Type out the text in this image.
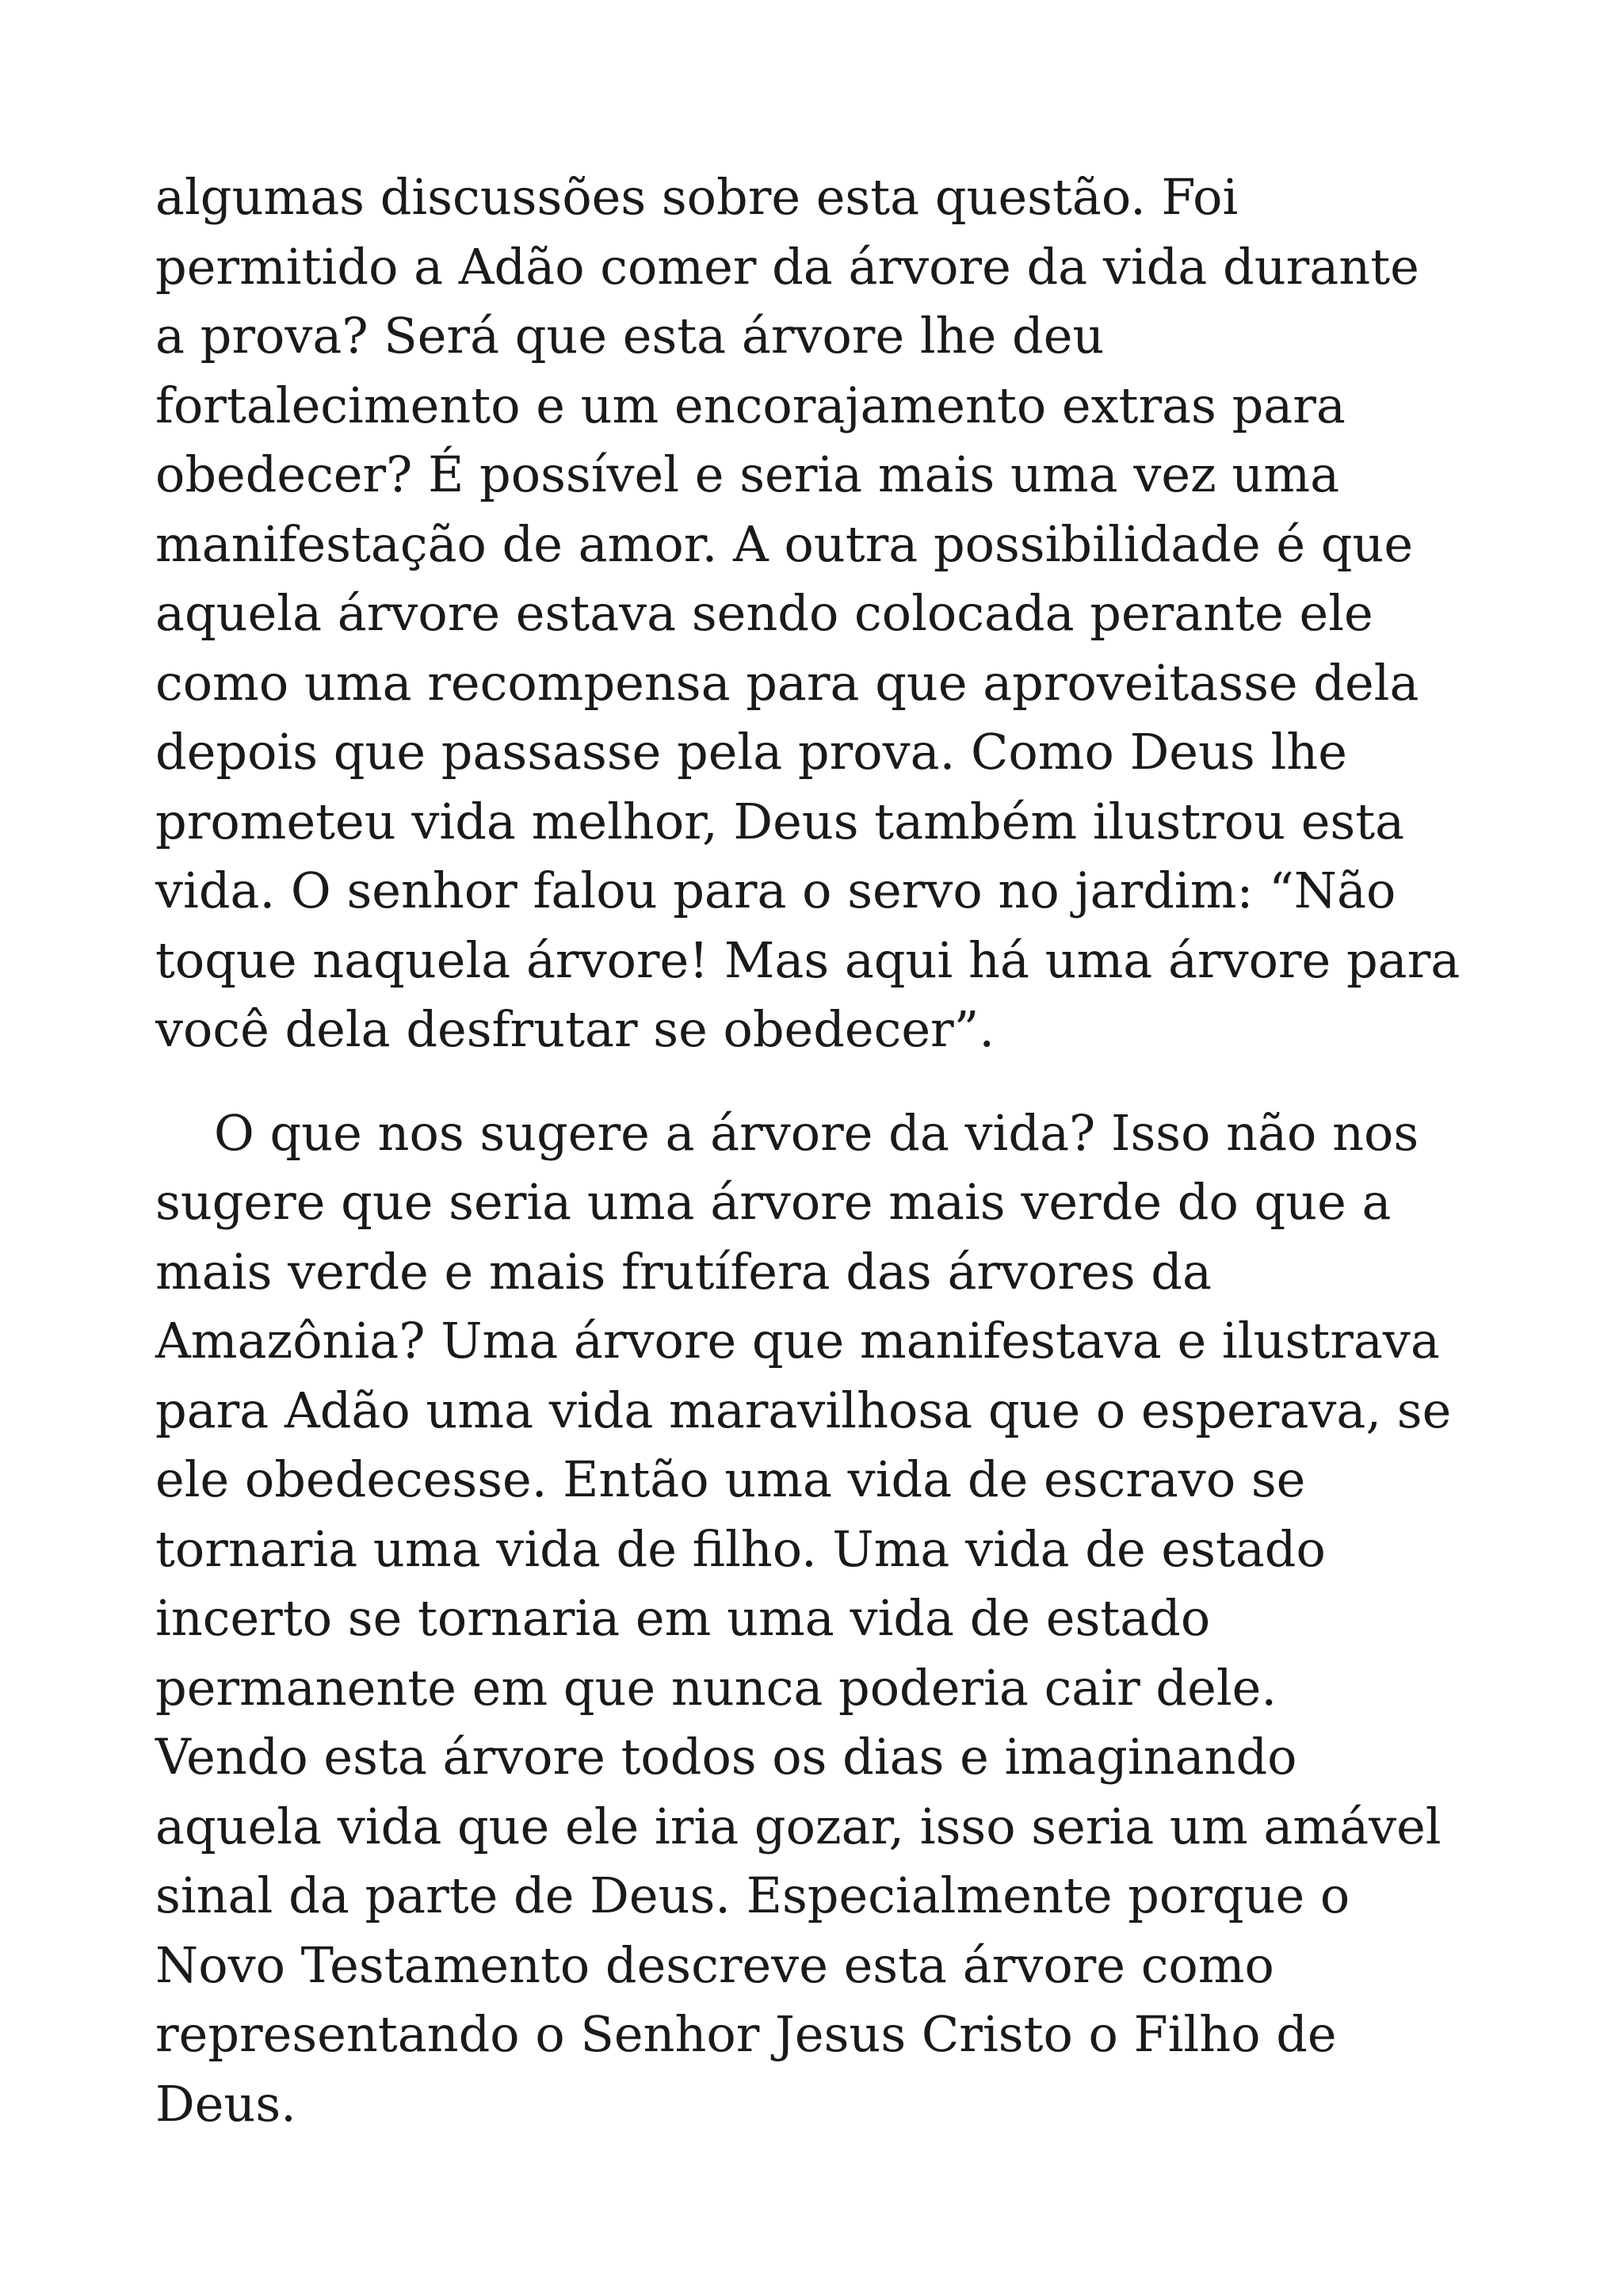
algumas discussões sobre esta questão. Foi
permitido a Adão comer da árvore da vida durante
a prova? Será que esta árvore lhe deu
fortalecimento e um encorajamento extras para
obedecer? É possível e seria mais uma vez uma
manifestação de amor. A outra possibilidade é que
aquela árvore estava sendo colocada perante ele
como uma recompensa para que aproveitasse dela
depois que passasse pela prova. Como Deus lhe
prometeu vida melhor, Deus também ilustrou esta
vida. O senhor falou para o servo no jardim: “Não
toque naquela árvore! Mas aqui há uma árvore para
você dela desfrutar se obedecer”.
O que nos sugere a árvore da vida? Isso não nos
sugere que seria uma árvore mais verde do que a
mais verde e mais frutífera das árvores da
Amazônia? Uma árvore que manifestava e ilustrava
para Adão uma vida maravilhosa que o esperava, se
ele obedecesse. Então uma vida de escravo se
tornaria uma vida de filho. Uma vida de estado
incerto se tornaria em uma vida de estado
permanente em que nunca poderia cair dele.
Vendo esta árvore todos os dias e imaginando
aquela vida que ele iria gozar, isso seria um amável
sinal da parte de Deus. Especialmente porque o
Novo Testamento descreve esta árvore como
representando o Senhor Jesus Cristo o Filho de
Deus.
